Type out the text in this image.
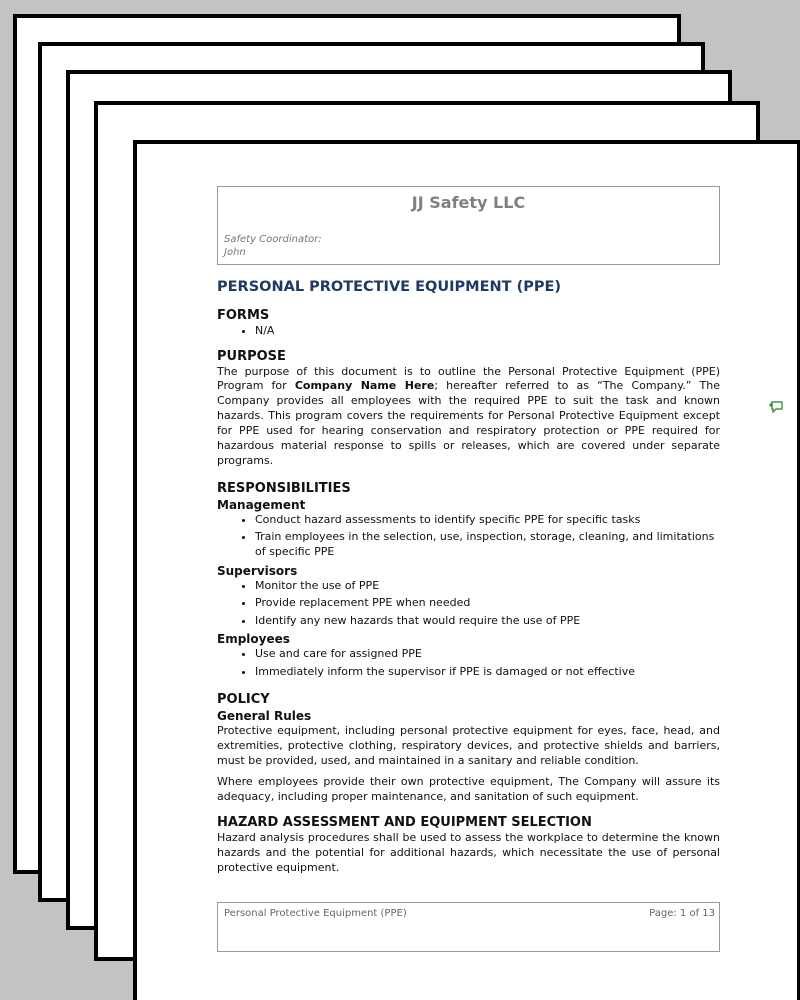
JJ Safety LLC
Safety Coordinator:
John
PERSONAL PROTECTIVE EQUIPMENT (PPE)
FORMS
• N/A
PURPOSE

The purpose of this document is to outline the Personal Protective Equipment (PPE) Program for Company Name Here; hereafter referred to as “The Company.” The Company provides all employees with the required PPE to suit the task and known hazards. This program covers the requirements for Personal Protective Equipment except for PPE used for hearing conservation and respiratory protection or PPE required for hazardous material response to spills or releases, which are covered under separate programs.

RESPONSIBILITIES
Management
• Conduct hazard assessments to identify specific PPE for specific tasks
• Train employees in the selection, use, inspection, storage, cleaning, and limitations of specific PPE
Supervisors
• Monitor the use of PPE
• Provide replacement PPE when needed
• Identify any new hazards that would require the use of PPE
Employees
• Use and care for assigned PPE
• Immediately inform the supervisor if PPE is damaged or not effective
POLICY
General Rules

Protective equipment, including personal protective equipment for eyes, face, head, and extremities, protective clothing, respiratory devices, and protective shields and barriers, must be provided, used, and maintained in a sanitary and reliable condition.

Where employees provide their own protective equipment, The Company will assure its adequacy, including proper maintenance, and sanitation of such equipment.

HAZARD ASSESSMENT AND EQUIPMENT SELECTION

Hazard analysis procedures shall be used to assess the workplace to determine the known hazards and the potential for additional hazards, which necessitate the use of personal protective equipment.

Personal Protective Equipment (PPE)	Page: 1 of 13
